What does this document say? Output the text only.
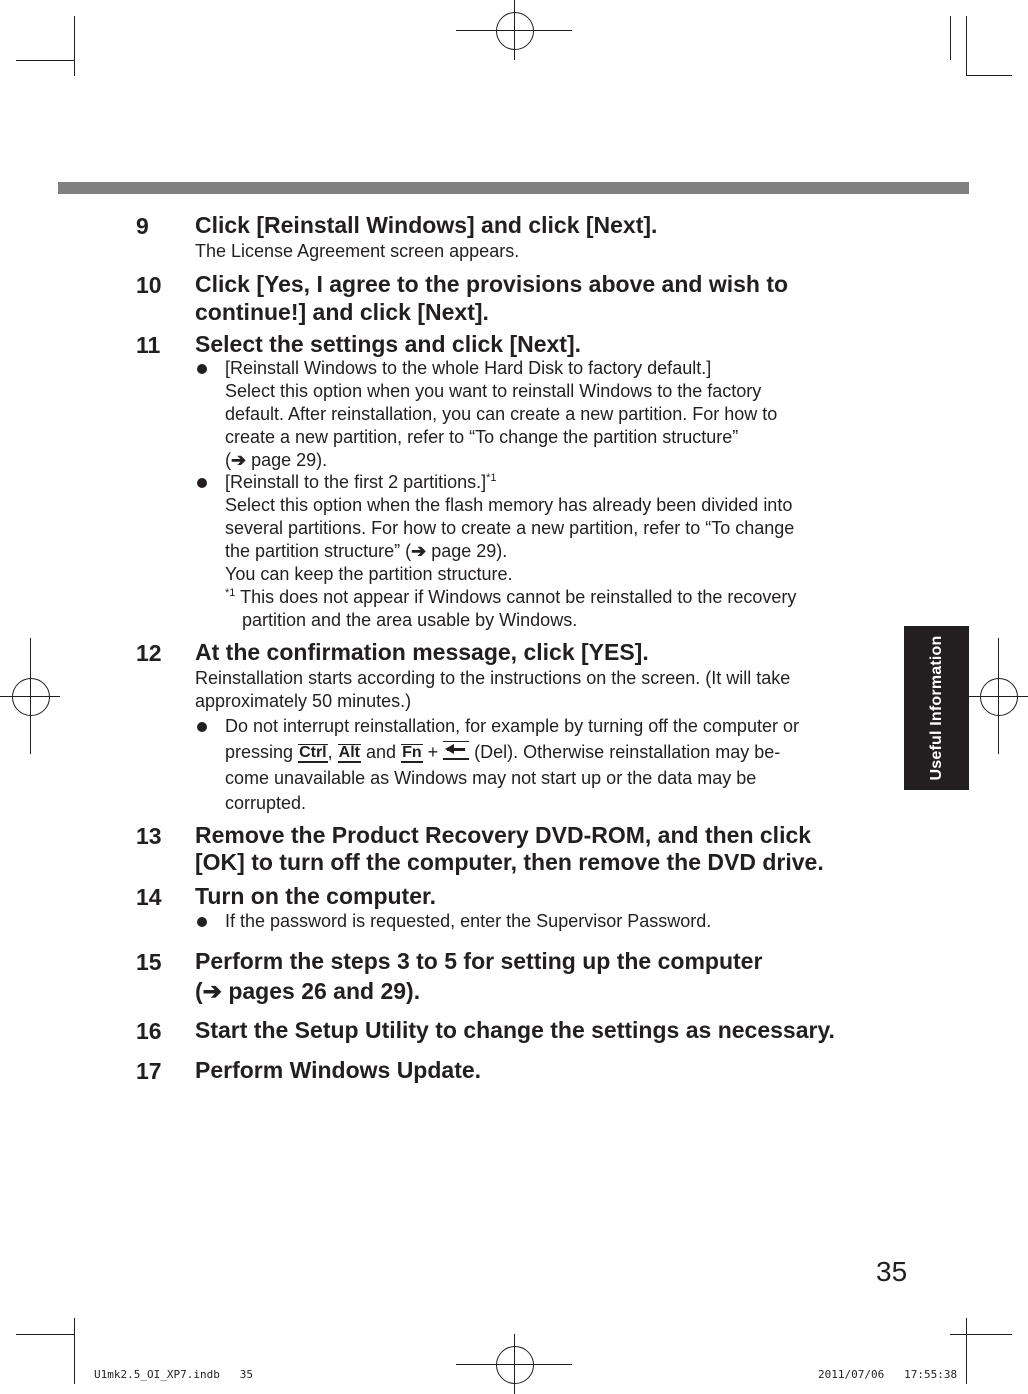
Useful Information
9 Click [Reinstall Windows] and click [Next].
The License Agreement screen appears.
10 Click [Yes, I agree to the provisions above and wish to
continue!] and click [Next].
11 Select the settings and click [Next].
[Reinstall Windows to the whole Hard Disk to factory default.]
Select this option when you want to reinstall Windows to the factory
default. After reinstallation, you can create a new partition. For how to
create a new partition, refer to “To change the partition structure”
(➔ page 29).
[Reinstall to the first 2 partitions.]$^{*1}$
Select this option when the flash memory has already been divided into
several partitions. For how to create a new partition, refer to “To change
the partition structure” (➔ page 29).
You can keep the partition structure.
$^{*1}$ This does not appear if Windows cannot be reinstalled to the recovery
partition and the area usable by Windows.
12 At the confirmation message, click [YES].
Reinstallation starts according to the instructions on the screen. (It will take
approximately 50 minutes.)
Do not interrupt reinstallation, for example by turning off the computer or
pressing Ctrl, Alt and Fn + (Del). Otherwise reinstallation may be-
come unavailable as Windows may not start up or the data may be
corrupted.
13 Remove the Product Recovery DVD-ROM, and then click
[OK] to turn off the computer, then remove the DVD drive.
14 Turn on the computer.
If the password is requested, enter the Supervisor Password.
15 Perform the steps 3 to 5 for setting up the computer
(➔ pages 26 and 29).
16 Start the Setup Utility to change the settings as necessary.
17 Perform Windows Update.
35
U1mk2.5_OI_XP7.indb   35	2011/07/06   17:55:38
